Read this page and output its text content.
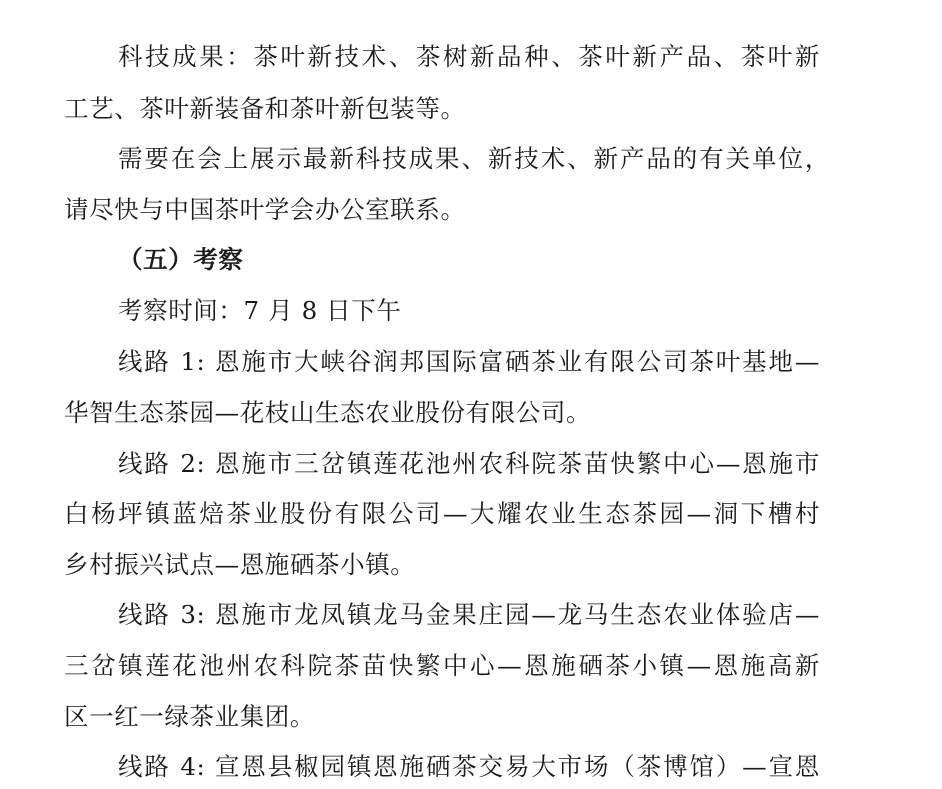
科技成果：茶叶新技术、茶树新品种、茶叶新产品、茶叶新
工艺、茶叶新装备和茶叶新包装等。
需要在会上展示最新科技成果、新技术、新产品的有关单位，
请尽快与中国茶叶学会办公室联系。
（五）考察
考察时间：7 月 8 日下午
线路 1: 恩施市大峡谷润邦国际富硒茶业有限公司茶叶基地—
华智生态茶园—花枝山生态农业股份有限公司。
线路 2: 恩施市三岔镇莲花池州农科院茶苗快繁中心—恩施市
白杨坪镇蓝焙茶业股份有限公司—大耀农业生态茶园—洞下槽村
乡村振兴试点—恩施硒茶小镇。
线路 3: 恩施市龙凤镇龙马金果庄园—龙马生态农业体验店—
三岔镇莲花池州农科院茶苗快繁中心—恩施硒茶小镇—恩施高新
区一红一绿茶业集团。
线路 4: 宣恩县椒园镇恩施硒茶交易大市场（茶博馆）—宣恩
